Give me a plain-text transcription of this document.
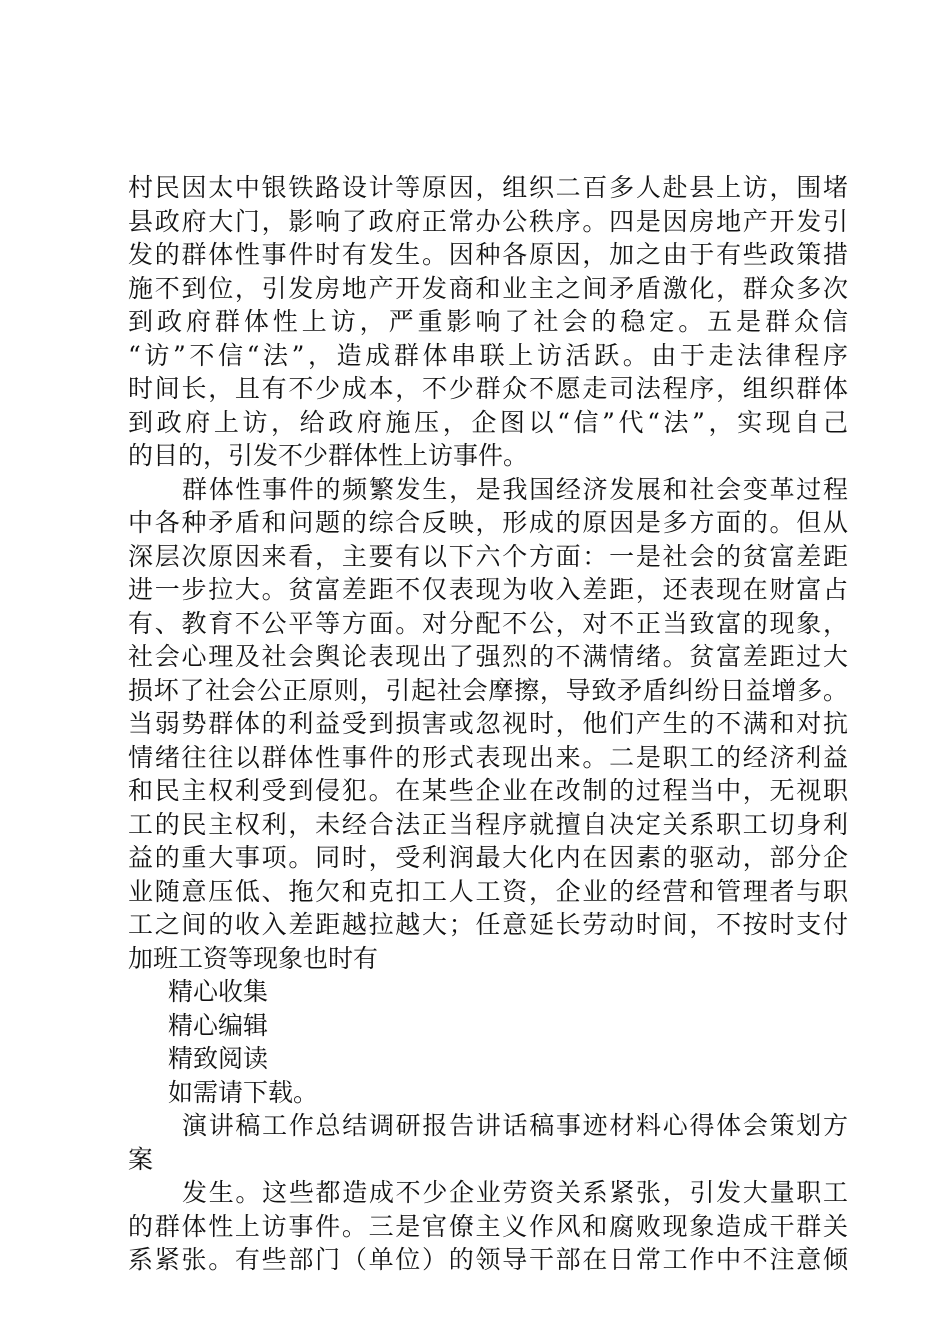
村民因太中银铁路设计等原因，组织二百多人赴县上访，围堵
县政府大门，影响了政府正常办公秩序。四是因房地产开发引
发的群体性事件时有发生。因种各原因，加之由于有些政策措
施不到位，引发房地产开发商和业主之间矛盾激化，群众多次
到政府群体性上访，严重影响了社会的稳定。五是群众信
“访”不信“法”，造成群体串联上访活跃。由于走法律程序
时间长，且有不少成本，不少群众不愿走司法程序，组织群体
到政府上访，给政府施压，企图以“信”代“法”，实现自己
的目的，引发不少群体性上访事件。
群体性事件的频繁发生，是我国经济发展和社会变革过程
中各种矛盾和问题的综合反映，形成的原因是多方面的。但从
深层次原因来看，主要有以下六个方面：一是社会的贫富差距
进一步拉大。贫富差距不仅表现为收入差距，还表现在财富占
有、教育不公平等方面。对分配不公，对不正当致富的现象，
社会心理及社会舆论表现出了强烈的不满情绪。贫富差距过大
损坏了社会公正原则，引起社会摩擦，导致矛盾纠纷日益增多。
当弱势群体的利益受到损害或忽视时，他们产生的不满和对抗
情绪往往以群体性事件的形式表现出来。二是职工的经济利益
和民主权利受到侵犯。在某些企业在改制的过程当中，无视职
工的民主权利，未经合法正当程序就擅自决定关系职工切身利
益的重大事项。同时，受利润最大化内在因素的驱动，部分企
业随意压低、拖欠和克扣工人工资，企业的经营和管理者与职
工之间的收入差距越拉越大；任意延长劳动时间，不按时支付
加班工资等现象也时有
精心收集
精心编辑
精致阅读
如需请下载。
演讲稿工作总结调研报告讲话稿事迹材料心得体会策划方
案
发生。这些都造成不少企业劳资关系紧张，引发大量职工
的群体性上访事件。三是官僚主义作风和腐败现象造成干群关
系紧张。有些部门（单位）的领导干部在日常工作中不注意倾
